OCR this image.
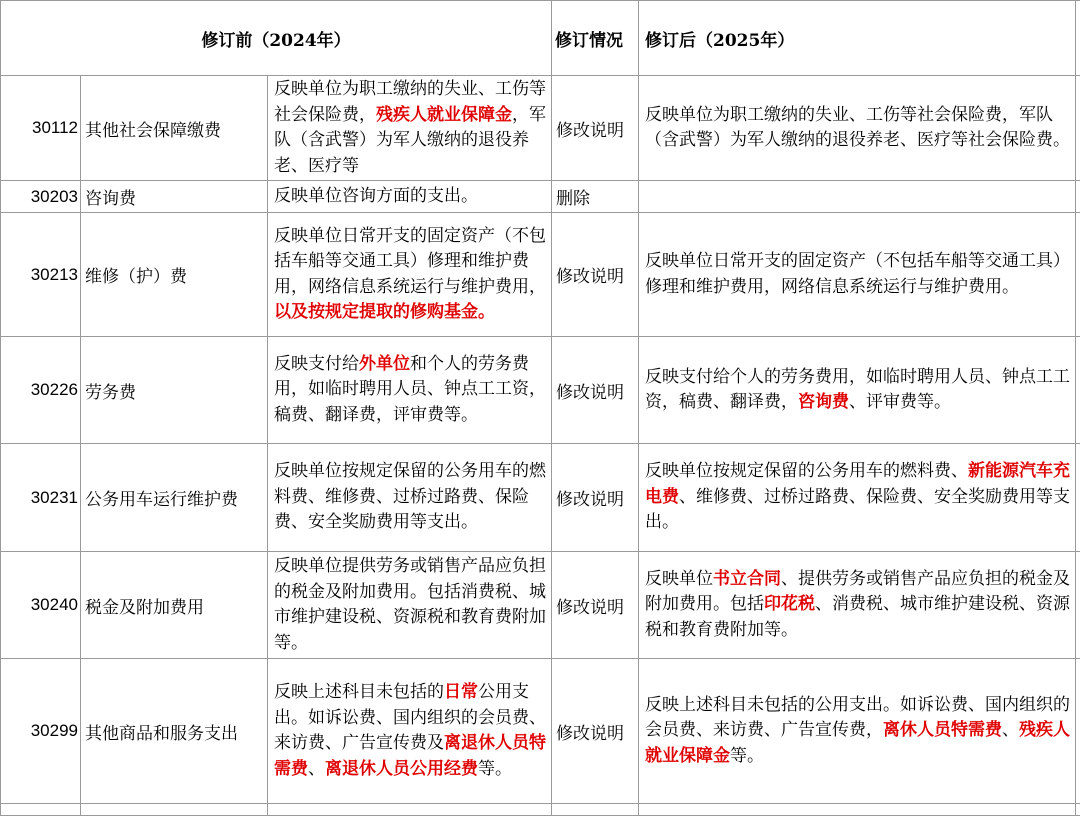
修订前（2024年）			修订情况	修订后（2025年）	
30112	其他社会保障缴费	反映单位为职工缴纳的失业、工伤等社会保险费，残疾人就业保障金，军队（含武警）为军人缴纳的退役养老、医疗等	修改说明	反映单位为职工缴纳的失业、工伤等社会保险费，军队（含武警）为军人缴纳的退役养老、医疗等社会保险费。	
30203	咨询费	反映单位咨询方面的支出。	删除		
30213	维修（护）费	反映单位日常开支的固定资产（不包括车船等交通工具）修理和维护费用，网络信息系统运行与维护费用，以及按规定提取的修购基金。	修改说明	反映单位日常开支的固定资产（不包括车船等交通工具）修理和维护费用，网络信息系统运行与维护费用。	
30226	劳务费	反映支付给外单位和个人的劳务费用，如临时聘用人员、钟点工工资，稿费、翻译费，评审费等。	修改说明	反映支付给个人的劳务费用，如临时聘用人员、钟点工工资，稿费、翻译费，咨询费、评审费等。	
30231	公务用车运行维护费	反映单位按规定保留的公务用车的燃料费、维修费、过桥过路费、保险费、安全奖励费用等支出。	修改说明	反映单位按规定保留的公务用车的燃料费、新能源汽车充电费、维修费、过桥过路费、保险费、安全奖励费用等支出。	
30240	税金及附加费用	反映单位提供劳务或销售产品应负担的税金及附加费用。包括消费税、城市维护建设税、资源税和教育费附加等。	修改说明	反映单位书立合同、提供劳务或销售产品应负担的税金及附加费用。包括印花税、消费税、城市维护建设税、资源税和教育费附加等。	
30299	其他商品和服务支出	反映上述科目未包括的日常公用支出。如诉讼费、国内组织的会员费、来访费、广告宣传费及离退休人员特需费、离退休人员公用经费等。	修改说明	反映上述科目未包括的公用支出。如诉讼费、国内组织的会员费、来访费、广告宣传费，离休人员特需费、残疾人就业保障金等。	
